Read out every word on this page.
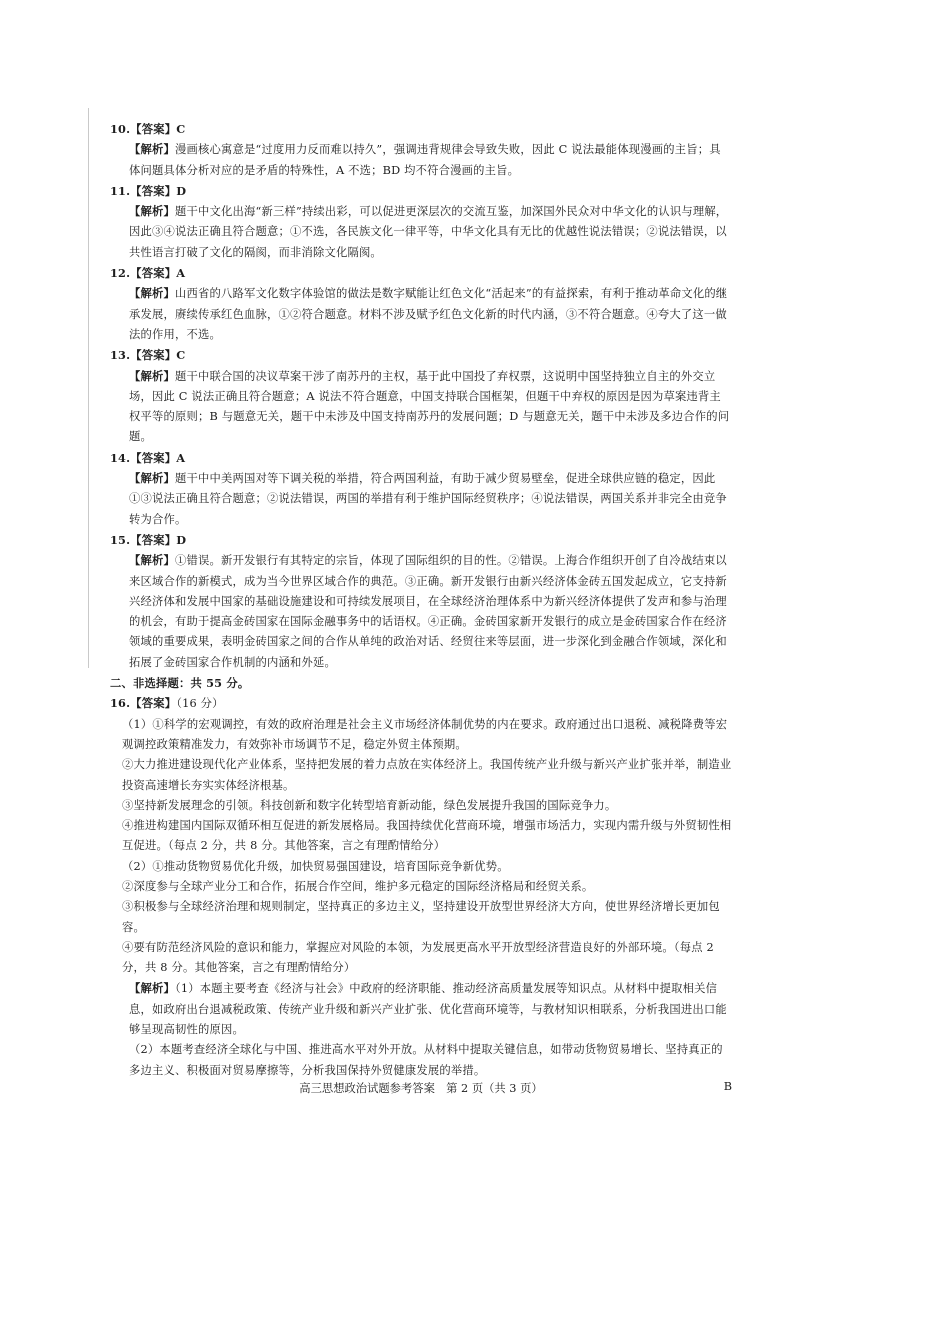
10.【答案】C

【解析】漫画核心寓意是“过度用力反而难以持久”，强调违背规律会导致失败，因此 C 说法最能体现漫画的主旨；具体问题具体分析对应的是矛盾的特殊性，A 不选；BD 均不符合漫画的主旨。

11.【答案】D

【解析】题干中文化出海“新三样”持续出彩，可以促进更深层次的交流互鉴，加深国外民众对中华文化的认识与理解，因此③④说法正确且符合题意；①不选，各民族文化一律平等，中华文化具有无比的优越性说法错误；②说法错误，以共性语言打破了文化的隔阂，而非消除文化隔阂。

12.【答案】A

【解析】山西省的八路军文化数字体验馆的做法是数字赋能让红色文化“活起来”的有益探索，有利于推动革命文化的继承发展，赓续传承红色血脉，①②符合题意。材料不涉及赋予红色文化新的时代内涵，③不符合题意。④夸大了这一做法的作用，不选。

13.【答案】C

【解析】题干中联合国的决议草案干涉了南苏丹的主权，基于此中国投了弃权票，这说明中国坚持独立自主的外交立场，因此 C 说法正确且符合题意；A 说法不符合题意，中国支持联合国框架，但题干中弃权的原因是因为草案违背主权平等的原则；B 与题意无关，题干中未涉及中国支持南苏丹的发展问题；D 与题意无关，题干中未涉及多边合作的问题。

14.【答案】A

【解析】题干中中美两国对等下调关税的举措，符合两国利益，有助于减少贸易壁垒，促进全球供应链的稳定，因此①③说法正确且符合题意；②说法错误，两国的举措有利于维护国际经贸秩序；④说法错误，两国关系并非完全由竞争转为合作。

15.【答案】D

【解析】①错误。新开发银行有其特定的宗旨，体现了国际组织的目的性。②错误。上海合作组织开创了自冷战结束以来区域合作的新模式，成为当今世界区域合作的典范。③正确。新开发银行由新兴经济体金砖五国发起成立，它支持新兴经济体和发展中国家的基础设施建设和可持续发展项目，在全球经济治理体系中为新兴经济体提供了发声和参与治理的机会，有助于提高金砖国家在国际金融事务中的话语权。④正确。金砖国家新开发银行的成立是金砖国家合作在经济领域的重要成果，表明金砖国家之间的合作从单纯的政治对话、经贸往来等层面，进一步深化到金融合作领域，深化和拓展了金砖国家合作机制的内涵和外延。

二、非选择题：共 55 分。

16.【答案】（16 分）

（1）①科学的宏观调控，有效的政府治理是社会主义市场经济体制优势的内在要求。政府通过出口退税、减税降费等宏观调控政策精准发力，有效弥补市场调节不足，稳定外贸主体预期。

②大力推进建设现代化产业体系，坚持把发展的着力点放在实体经济上。我国传统产业升级与新兴产业扩张并举，制造业投资高速增长夯实实体经济根基。

③坚持新发展理念的引领。科技创新和数字化转型培育新动能，绿色发展提升我国的国际竞争力。

④推进构建国内国际双循环相互促进的新发展格局。我国持续优化营商环境，增强市场活力，实现内需升级与外贸韧性相互促进。（每点 2 分，共 8 分。其他答案，言之有理酌情给分）

（2）①推动货物贸易优化升级，加快贸易强国建设，培育国际竞争新优势。

②深度参与全球产业分工和合作，拓展合作空间，维护多元稳定的国际经济格局和经贸关系。

③积极参与全球经济治理和规则制定，坚持真正的多边主义，坚持建设开放型世界经济大方向，使世界经济增长更加包容。

④要有防范经济风险的意识和能力，掌握应对风险的本领，为发展更高水平开放型经济营造良好的外部环境。（每点 2 分，共 8 分。其他答案，言之有理酌情给分）

【解析】（1）本题主要考查《经济与社会》中政府的经济职能、推动经济高质量发展等知识点。从材料中提取相关信息，如政府出台退减税政策、传统产业升级和新兴产业扩张、优化营商环境等，与教材知识相联系，分析我国进出口能够呈现高韧性的原因。

（2）本题考查经济全球化与中国、推进高水平对外开放。从材料中提取关键信息，如带动货物贸易增长、坚持真正的多边主义、积极面对贸易摩擦等，分析我国保持外贸健康发展的举措。

高三思想政治试题参考答案　第 2 页（共 3 页）	B
